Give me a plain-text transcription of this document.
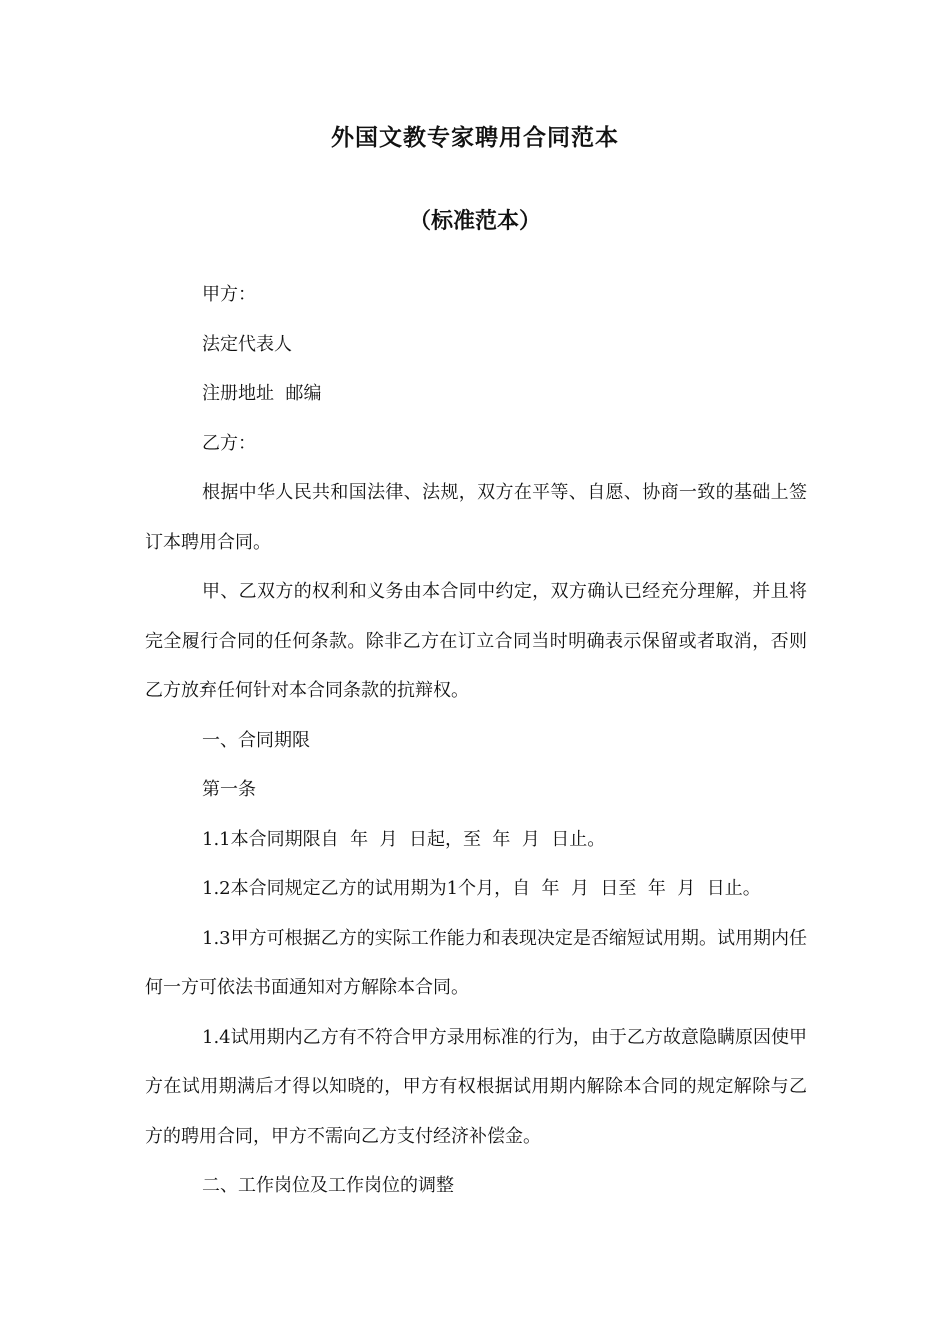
外国文教专家聘用合同范本
（标准范本）

甲方：

法定代表人

注册地址  邮编

乙方：

根据中华人民共和国法律、法规，双方在平等、自愿、协商一致的基础上签订本聘用合同。

甲、乙双方的权利和义务由本合同中约定，双方确认已经充分理解，并且将完全履行合同的任何条款。除非乙方在订立合同当时明确表示保留或者取消，否则乙方放弃任何针对本合同条款的抗辩权。

一、合同期限

第一条

1.1本合同期限自  年  月  日起，至  年  月  日止。

1.2本合同规定乙方的试用期为1个月，自  年  月  日至  年  月  日止。

1.3甲方可根据乙方的实际工作能力和表现决定是否缩短试用期。试用期内任何一方可依法书面通知对方解除本合同。

1.4试用期内乙方有不符合甲方录用标准的行为，由于乙方故意隐瞒原因使甲方在试用期满后才得以知晓的，甲方有权根据试用期内解除本合同的规定解除与乙方的聘用合同，甲方不需向乙方支付经济补偿金。

二、工作岗位及工作岗位的调整
